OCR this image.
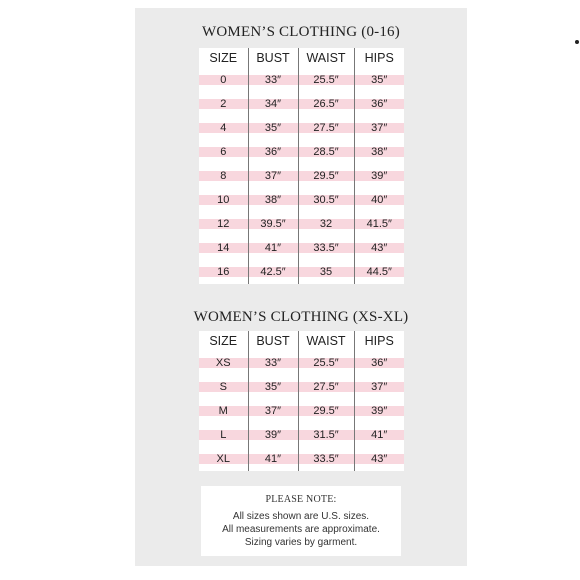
WOMEN’S CLOTHING (0-16)
SIZE	BUST	WAIST	HIPS
0	33″	25.5″	35″
2	34″	26.5″	36″
4	35″	27.5″	37″
6	36″	28.5″	38″
8	37″	29.5″	39″
10	38″	30.5″	40″
12	39.5″	32	41.5″
14	41″	33.5″	43″
16	42.5″	35	44.5″
WOMEN’S CLOTHING (XS-XL)
SIZE	BUST	WAIST	HIPS
XS	33″	25.5″	36″
S	35″	27.5″	37″
M	37″	29.5″	39″
L	39″	31.5″	41″
XL	41″	33.5″	43″
PLEASE NOTE:
All sizes shown are U.S. sizes.
All measurements are approximate.
Sizing varies by garment.
